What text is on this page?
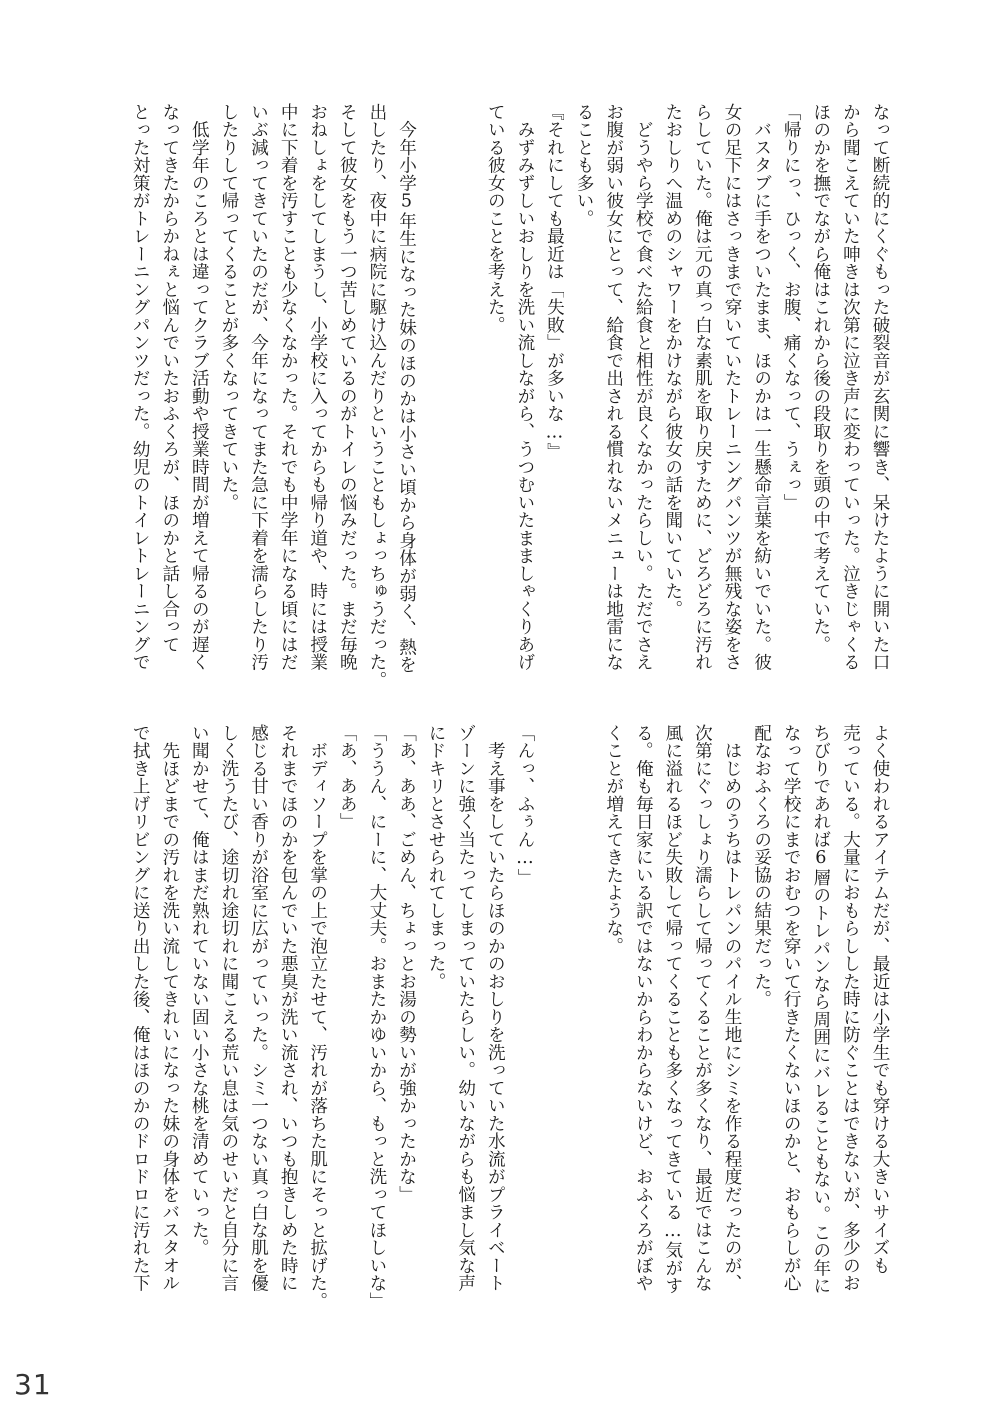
なって断続的にくぐもった破裂音が玄関に響き、呆けたように開いた口
から聞こえていた呻きは次第に泣き声に変わっていった。泣きじゃくる
ほのかを撫でながら俺はこれから後の段取りを頭の中で考えていた。
「帰りにっ、ひっく、お腹、痛くなって、うぇっ」
　バスタブに手をついたまま、ほのかは一生懸命言葉を紡いでいた。彼
女の足下にはさっきまで穿いていたトレーニングパンツが無残な姿をさ
らしていた。俺は元の真っ白な素肌を取り戻すために、どろどろに汚れ
たおしりへ温めのシャワーをかけながら彼女の話を聞いていた。
　どうやら学校で食べた給食と相性が良くなかったらしい。ただでさえ
お腹が弱い彼女にとって、給食で出される慣れないメニューは地雷にな
ることも多い。
『それにしても最近は「失敗」が多いな…』
　みずみずしいおしりを洗い流しながら、うつむいたまましゃくりあげ
ている彼女のことを考えた。
　今年小学5年生になった妹のほのかは小さい頃から身体が弱く、熱を
出したり、夜中に病院に駆け込んだりということもしょっちゅうだった。
そして彼女をもう一つ苦しめているのがトイレの悩みだった。まだ毎晩
おねしょをしてしまうし、小学校に入ってからも帰り道や、時には授業
中に下着を汚すことも少なくなかった。それでも中学年になる頃にはだ
いぶ減ってきていたのだが、今年になってまた急に下着を濡らしたり汚
したりして帰ってくることが多くなってきていた。
　低学年のころとは違ってクラブ活動や授業時間が増えて帰るのが遅く
なってきたからかねぇと悩んでいたおふくろが、ほのかと話し合って
とった対策がトレーニングパンツだった。幼児のトイレトレーニングで
よく使われるアイテムだが、最近は小学生でも穿ける大きいサイズも
売っている。大量におもらしした時に防ぐことはできないが、多少のお
ちびりであれば6層のトレパンなら周囲にバレることもない。この年に
なって学校にまでおむつを穿いて行きたくないほのかと、おもらしが心
配なおふくろの妥協の結果だった。
　はじめのうちはトレパンのパイル生地にシミを作る程度だったのが、
次第にぐっしょり濡らして帰ってくることが多くなり、最近ではこんな
風に溢れるほど失敗して帰ってくることも多くなってきている…気がす
る。俺も毎日家にいる訳ではないからわからないけど、おふくろがぼや
くことが増えてきたような。
「んっ、ふぅん…」
　考え事をしていたらほのかのおしりを洗っていた水流がプライベート
ゾーンに強く当たってしまっていたらしい。幼いながらも悩まし気な声
にドキリとさせられてしまった。
「あ、ああ、ごめん、ちょっとお湯の勢いが強かったかな」
「ううん、にーに、大丈夫。おまたかゆいから、もっと洗ってほしいな」
「あ、ああ」
　ボディソープを掌の上で泡立たせて、汚れが落ちた肌にそっと拡げた。
それまでほのかを包んでいた悪臭が洗い流され、いつも抱きしめた時に
感じる甘い香りが浴室に広がっていった。シミ一つない真っ白な肌を優
しく洗うたび、途切れ途切れに聞こえる荒い息は気のせいだと自分に言
い聞かせて、俺はまだ熟れていない固い小さな桃を清めていった。
　先ほどまでの汚れを洗い流してきれいになった妹の身体をバスタオル
で拭き上げリビングに送り出した後、俺はほのかのドロドロに汚れた下
31
